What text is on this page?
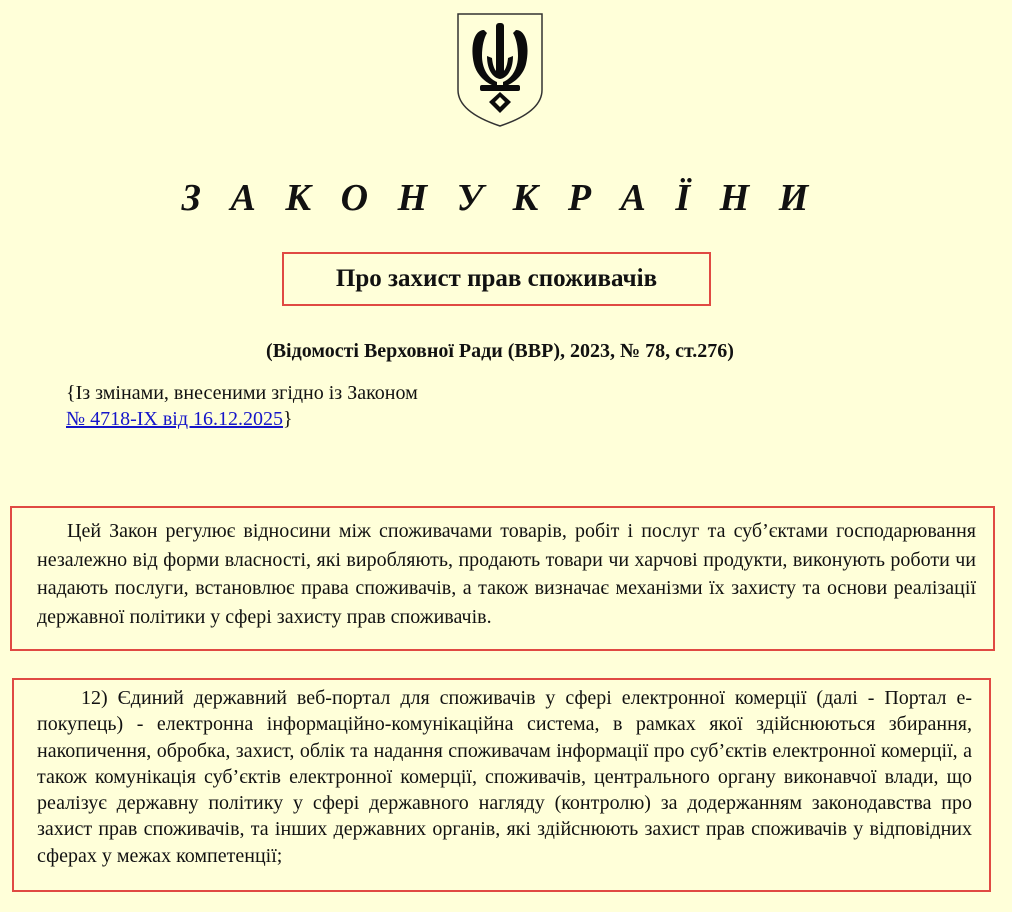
З А К О Н У К Р А Ї Н И
Про захист прав споживачів
(Відомості Верховної Ради (ВВР), 2023, № 78, ст.276)
{Із змінами, внесеними згідно із Законом
№ 4718-IX від 16.12.2025}

Цей Закон регулює відносини між споживачами товарів, робіт і послуг та суб’єктами господарювання незалежно від форми власності, які виробляють, продають товари чи харчові продукти, виконують роботи чи надають послуги, встановлює права споживачів, а також визначає механізми їх захисту та основи реалізації державної політики у сфері захисту прав споживачів.

12) Єдиний державний веб-портал для споживачів у сфері електронної комерції (далі - Портал е-покупець) - електронна інформаційно-комунікаційна система, в рамках якої здійснюються збирання, накопичення, обробка, захист, облік та надання споживачам інформації про суб’єктів електронної комерції, а також комунікація суб’єктів електронної комерції, споживачів, центрального органу виконавчої влади, що реалізує державну політику у сфері державного нагляду (контролю) за додержанням законодавства про захист прав споживачів, та інших державних органів, які здійснюють захист прав споживачів у відповідних сферах у межах компетенції;
